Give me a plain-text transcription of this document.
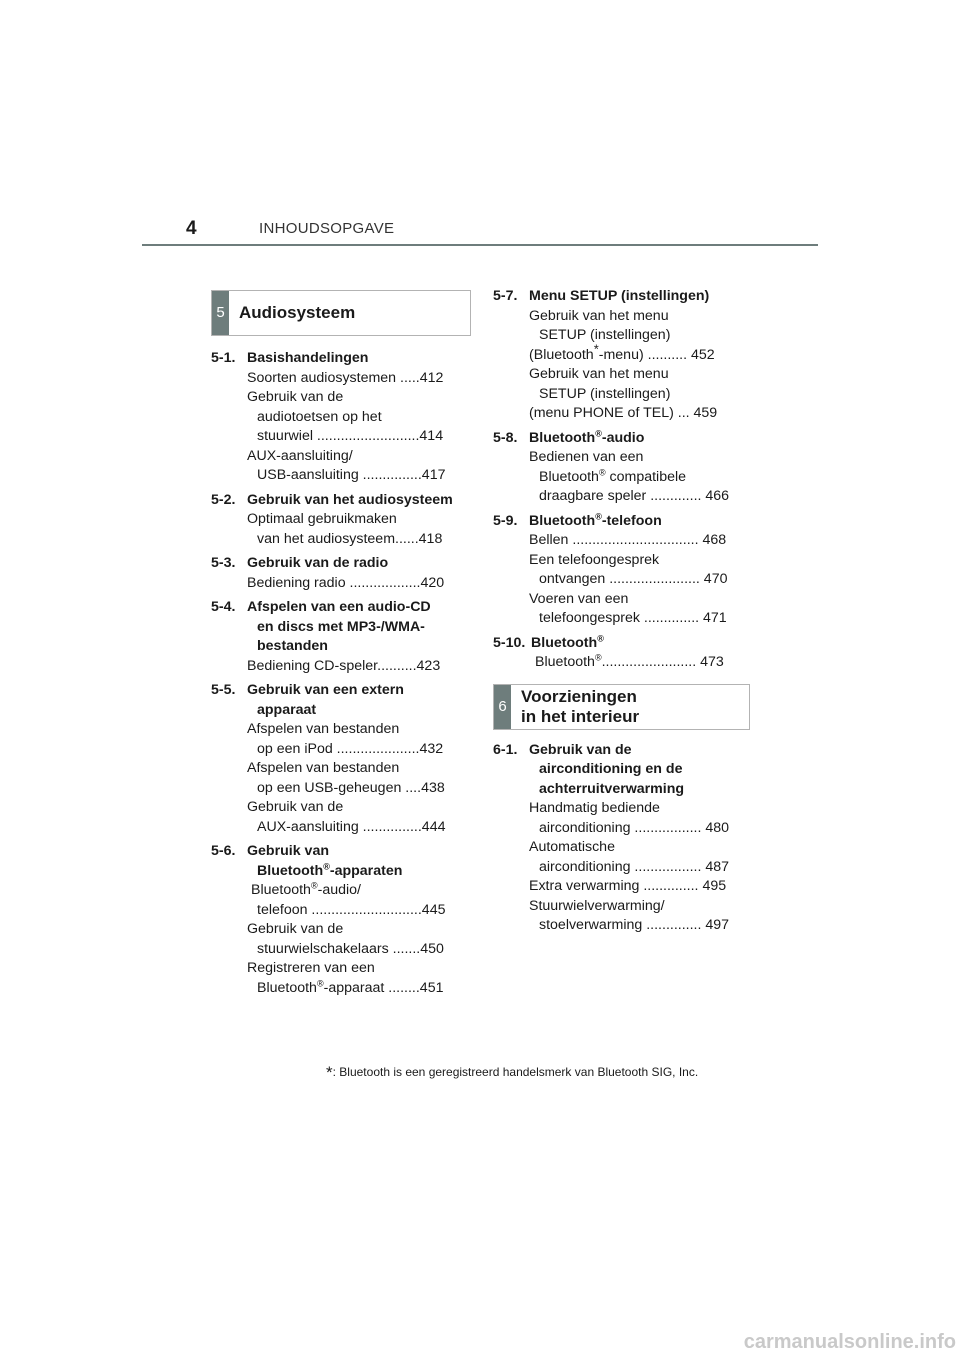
4	INHOUDSOPGAVE
5 Audiosysteem
5-1. Basishandelingen
Soorten audiosystemen .....412
Gebruik van de
audiotoetsen op het
stuurwiel ..........................414
AUX-aansluiting/
USB-aansluiting ...............417
5-2. Gebruik van het audiosysteem
Optimaal gebruikmaken
van het audiosysteem......418
5-3. Gebruik van de radio
Bediening radio ..................420
5-4. Afspelen van een audio-CD
en discs met MP3-/WMA-
bestanden
Bediening CD-speler..........423
5-5. Gebruik van een extern
apparaat
Afspelen van bestanden
op een iPod .....................432
Afspelen van bestanden
op een USB-geheugen ....438
Gebruik van de
AUX-aansluiting ...............444
5-6. Gebruik van
Bluetooth®-apparaten
Bluetooth®-audio/
telefoon ............................445
Gebruik van de
stuurwielschakelaars .......450
Registreren van een
Bluetooth®-apparaat ........451
5-7. Menu SETUP (instellingen)
Gebruik van het menu
SETUP (instellingen)
(Bluetooth*-menu) .......... 452
Gebruik van het menu
SETUP (instellingen)
(menu PHONE of TEL) ... 459
5-8. Bluetooth®-audio
Bedienen van een
Bluetooth® compatibele
draagbare speler ............. 466
5-9. Bluetooth®-telefoon
Bellen ................................ 468
Een telefoongesprek
ontvangen ....................... 470
Voeren van een
telefoongesprek .............. 471
5-10. Bluetooth®
Bluetooth®........................ 473
6
Voorzieningen
in het interieur
6-1. Gebruik van de
airconditioning en de
achterruitverwarming
Handmatig bediende
airconditioning ................. 480
Automatische
airconditioning ................. 487
Extra verwarming .............. 495
Stuurwielverwarming/
stoelverwarming .............. 497
*: Bluetooth is een geregistreerd handelsmerk van Bluetooth SIG, Inc.
carmanualsonline.info
